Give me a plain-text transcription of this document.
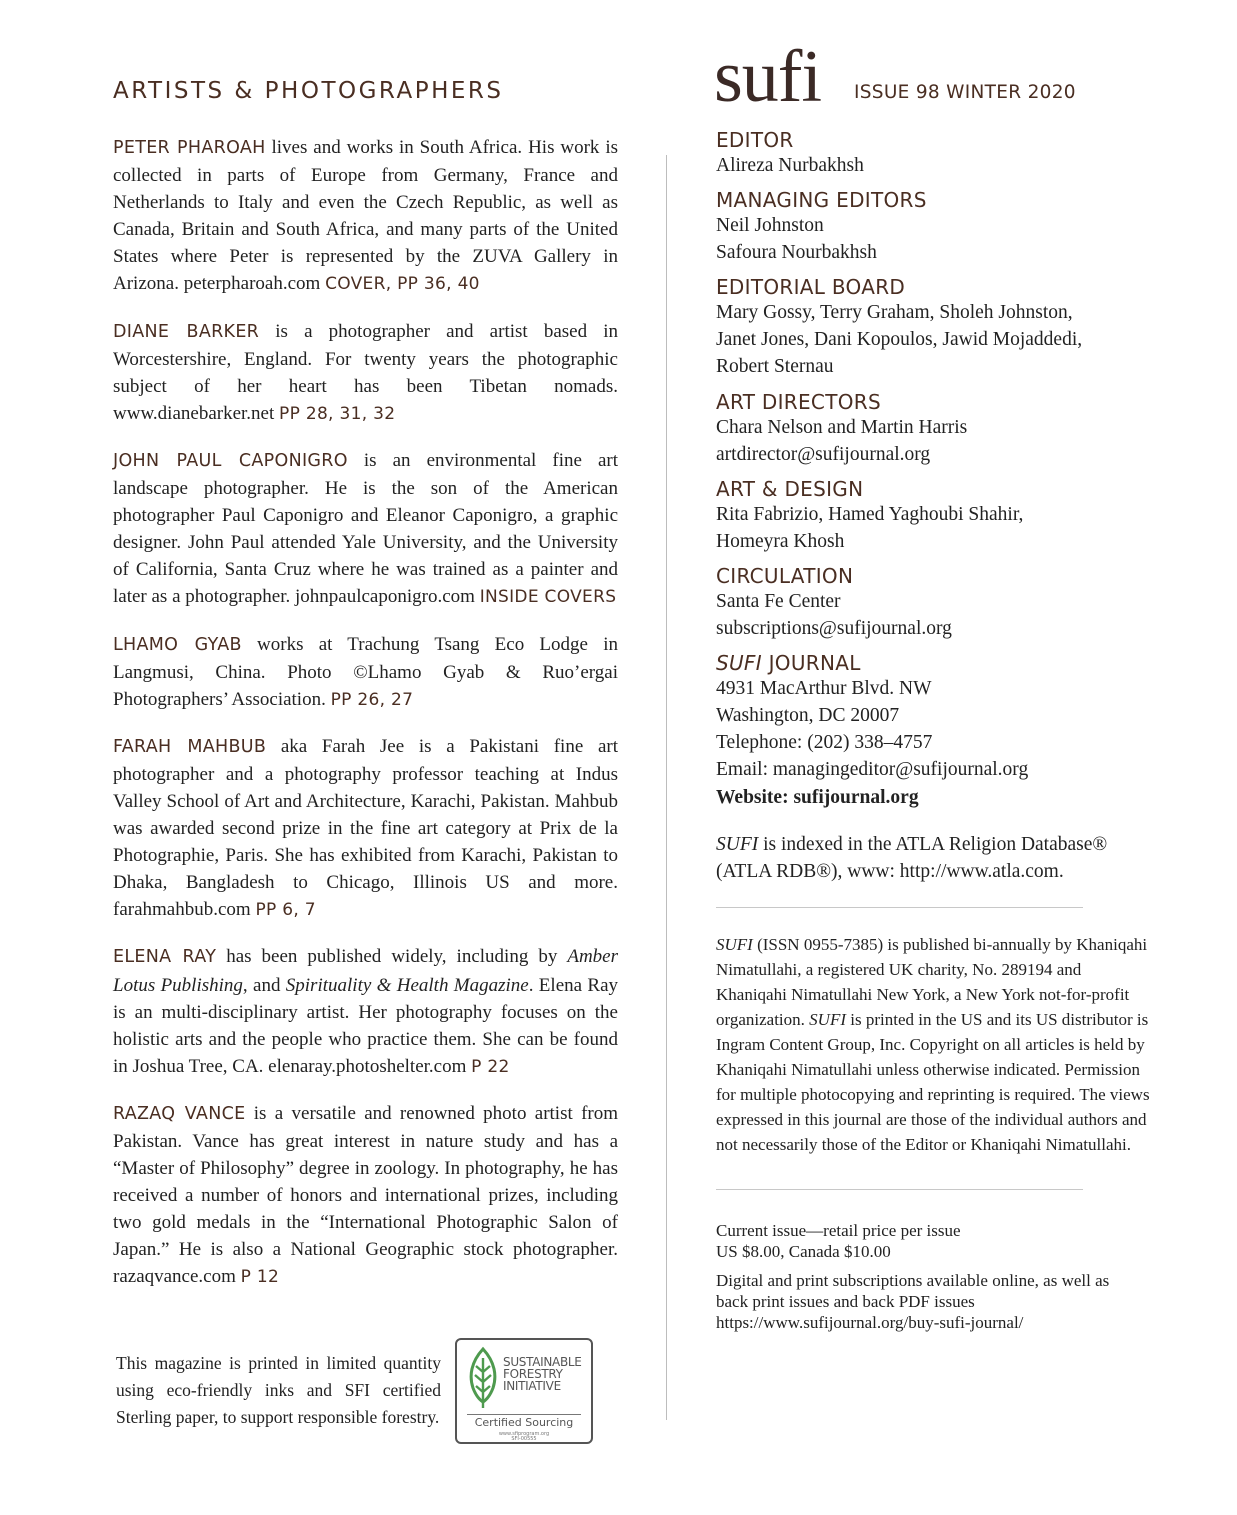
ARTISTS & PHOTOGRAPHERS

PETER PHAROAH lives and works in South Africa. His work is collected in parts of Europe from Germany, France and Netherlands to Italy and even the Czech Republic, as well as Canada, Britain and South Africa, and many parts of the United States where Peter is represented by the ZUVA Gallery in Arizona. peterpharoah.com COVER, PP 36, 40

DIANE BARKER is a photographer and artist based in Worcestershire, England. For twenty years the photographic subject of her heart has been Tibetan nomads. www.dianebarker.net PP 28, 31, 32

JOHN PAUL CAPONIGRO is an environmental fine art landscape photographer. He is the son of the American photographer Paul Caponigro and Eleanor Caponigro, a graphic designer. John Paul attended Yale University, and the University of California, Santa Cruz where he was trained as a painter and later as a photographer. johnpaulcaponigro.com INSIDE COVERS

LHAMO GYAB works at Trachung Tsang Eco Lodge in Langmusi, China. Photo ©Lhamo Gyab & Ruo’ergai Photographers’ Association. PP 26, 27

FARAH MAHBUB aka Farah Jee is a Pakistani fine art photographer and a photography professor teaching at Indus Valley School of Art and Architecture, Karachi, Pakistan. Mahbub was awarded second prize in the fine art category at Prix de la Photographie, Paris. She has exhibited from Karachi, Pakistan to Dhaka, Bangladesh to Chicago, Illinois US and more. farahmahbub.com PP 6, 7

ELENA RAY has been published widely, including by Amber Lotus Publishing, and Spirituality & Health Magazine. Elena Ray is an multi-disciplinary artist. Her photography focuses on the holistic arts and the people who practice them. She can be found in Joshua Tree, CA. elenaray.photoshelter.com P 22

RAZAQ VANCE is a versatile and renowned photo artist from Pakistan. Vance has great interest in nature study and has a “Master of Philosophy” degree in zoology. In photography, he has received a number of honors and international prizes, including two gold medals in the “International Photographic Salon of Japan.” He is also a National Geographic stock photographer. razaqvance.com P 12

This magazine is printed in limited quantity using eco-friendly inks and SFI certified Sterling paper, to support responsible forestry.
SUSTAINABLE
FORESTRY
INITIATIVE
Certified Sourcing
www.sfiprogram.org
SFI-00555
sufi ISSUE 98 WINTER 2020
EDITOR
Alireza Nurbakhsh
MANAGING EDITORS
Neil Johnston
Safoura Nourbakhsh
EDITORIAL BOARD
Mary Gossy, Terry Graham, Sholeh Johnston,
Janet Jones, Dani Kopoulos, Jawid Mojaddedi,
Robert Sternau
ART DIRECTORS
Chara Nelson and Martin Harris
artdirector@sufijournal.org
ART & DESIGN
Rita Fabrizio, Hamed Yaghoubi Shahir,
Homeyra Khosh
CIRCULATION
Santa Fe Center
subscriptions@sufijournal.org
SUFI JOURNAL
4931 MacArthur Blvd. NW
Washington, DC 20007
Telephone: (202) 338–4757
Email: managingeditor@sufijournal.org
Website: sufijournal.org
SUFI is indexed in the ATLA Religion Database®
(ATLA RDB®), www: http://www.atla.com.
SUFI (ISSN 0955-7385) is published bi-annually by Khaniqahi Nimatullahi, a registered UK charity, No. 289194 and Khaniqahi Nimatullahi New York, a New York not-for-profit organization. SUFI is printed in the US and its US distributor is Ingram Content Group, Inc. Copyright on all articles is held by Khaniqahi Nimatullahi unless otherwise indicated. Permission for multiple photocopying and reprinting is required. The views expressed in this journal are those of the individual authors and not necessarily those of the Editor or Khaniqahi Nimatullahi.
Current issue—retail price per issue
US $8.00, Canada $10.00
Digital and print subscriptions available online, as well as
back print issues and back PDF issues
https://www.sufijournal.org/buy-sufi-journal/
